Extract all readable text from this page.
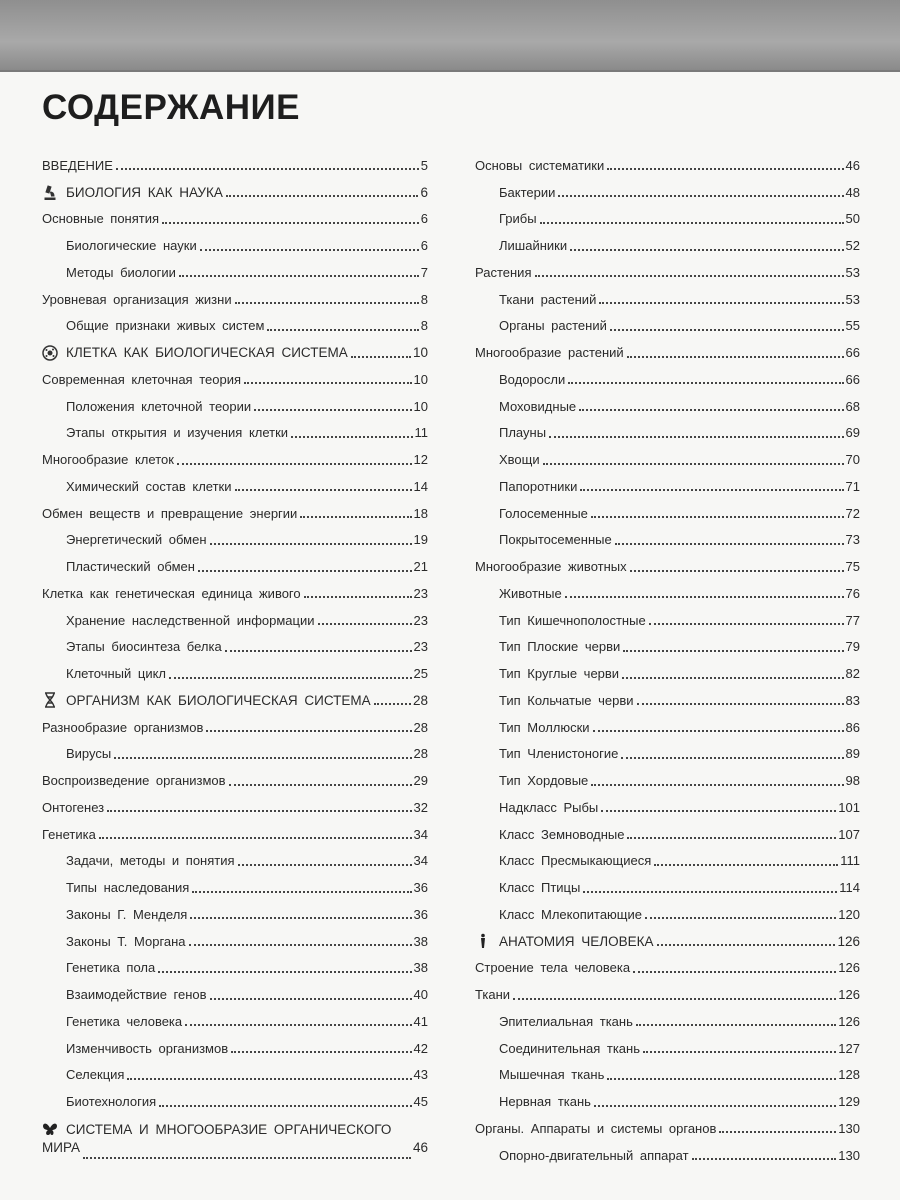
СОДЕРЖАНИЕ
ВВЕДЕНИЕ	5
БИОЛОГИЯ КАК НАУКА	6
Основные понятия	6
Биологические науки	6
Методы биологии	7
Уровневая организация жизни	8
Общие признаки живых систем	8
КЛЕТКА КАК БИОЛОГИЧЕСКАЯ СИСТЕМА	10
Современная клеточная теория	10
Положения клеточной теории	10
Этапы открытия и изучения клетки	11
Многообразие клеток	12
Химический состав клетки	14
Обмен веществ и превращение энергии	18
Энергетический обмен	19
Пластический обмен	21
Клетка как генетическая единица живого	23
Хранение наследственной информации	23
Этапы биосинтеза белка	23
Клеточный цикл	25
ОРГАНИЗМ КАК БИОЛОГИЧЕСКАЯ СИСТЕМА	28
Разнообразие организмов	28
Вирусы	28
Воспроизведение организмов	29
Онтогенез	32
Генетика	34
Задачи, методы и понятия	34
Типы наследования	36
Законы Г. Менделя	36
Законы Т. Моргана	38
Генетика пола	38
Взаимодействие генов	40
Генетика человека	41
Изменчивость организмов	42
Селекция	43
Биотехнология	45
СИСТЕМА И МНОГООБРАЗИЕ ОРГАНИЧЕСКОГО
МИРА	46
Основы систематики	46
Бактерии	48
Грибы	50
Лишайники	52
Растения	53
Ткани растений	53
Органы растений	55
Многообразие растений	66
Водоросли	66
Моховидные	68
Плауны	69
Хвощи	70
Папоротники	71
Голосеменные	72
Покрытосеменные	73
Многообразие животных	75
Животные	76
Тип Кишечнополостные	77
Тип Плоские черви	79
Тип Круглые черви	82
Тип Кольчатые черви	83
Тип Моллюски	86
Тип Членистоногие	89
Тип Хордовые	98
Надкласс Рыбы	101
Класс Земноводные	107
Класс Пресмыкающиеся	111
Класс Птицы	114
Класс Млекопитающие	120
АНАТОМИЯ ЧЕЛОВЕКА	126
Строение тела человека	126
Ткани	126
Эпителиальная ткань	126
Соединительная ткань	127
Мышечная ткань	128
Нервная ткань	129
Органы. Аппараты и системы органов	130
Опорно-двигательный аппарат	130
